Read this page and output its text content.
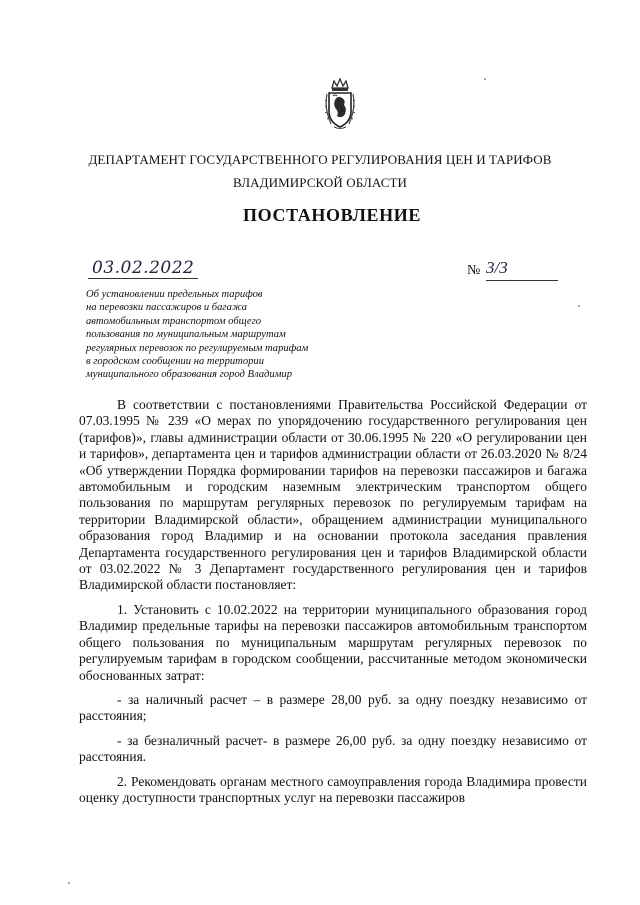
ДЕПАРТАМЕНТ ГОСУДАРСТВЕННОГО РЕГУЛИРОВАНИЯ ЦЕН И ТАРИФОВ
ВЛАДИМИРСКОЙ ОБЛАСТИ
ПОСТАНОВЛЕНИЕ
03.02.2022	№ 3/3
Об установлении предельных тарифов
на перевозки пассажиров и багажа
автомобильным транспортом общего
пользования по муниципальным маршрутам
регулярных перевозок по регулируемым тарифам
в городском сообщении на территории
муниципального образования город Владимир

В соответствии с постановлениями Правительства Российской Федерации от 07.03.1995 № 239 «О мерах по упорядочению государственного регулирования цен (тарифов)», главы администрации области от 30.06.1995 № 220 «О регулировании цен и тарифов», департамента цен и тарифов администрации области от 26.03.2020 № 8/24 «Об утверждении Порядка формировании тарифов на перевозки пассажиров и багажа автомобильным и городским наземным электрическим транспортом общего пользования по маршрутам регулярных перевозок по регулируемым тарифам на территории Владимирской области», обращением администрации муниципального образования город Владимир и на основании протокола заседания правления Департамента государственного регулирования цен и тарифов Владимирской области от 03.02.2022 № 3 Департамент государственного регулирования цен и тарифов Владимирской области постановляет:

1. Установить с 10.02.2022 на территории муниципального образования город Владимир предельные тарифы на перевозки пассажиров автомобильным транспортом общего пользования по муниципальным маршрутам регулярных перевозок по регулируемым тарифам в городском сообщении, рассчитанные методом экономически обоснованных затрат:

- за наличный расчет – в размере 28,00 руб. за одну поездку независимо от расстояния;

- за безналичный расчет- в размере 26,00 руб. за одну поездку независимо от расстояния.

2. Рекомендовать органам местного самоуправления города Владимира провести оценку доступности транспортных услуг на перевозки пассажиров
